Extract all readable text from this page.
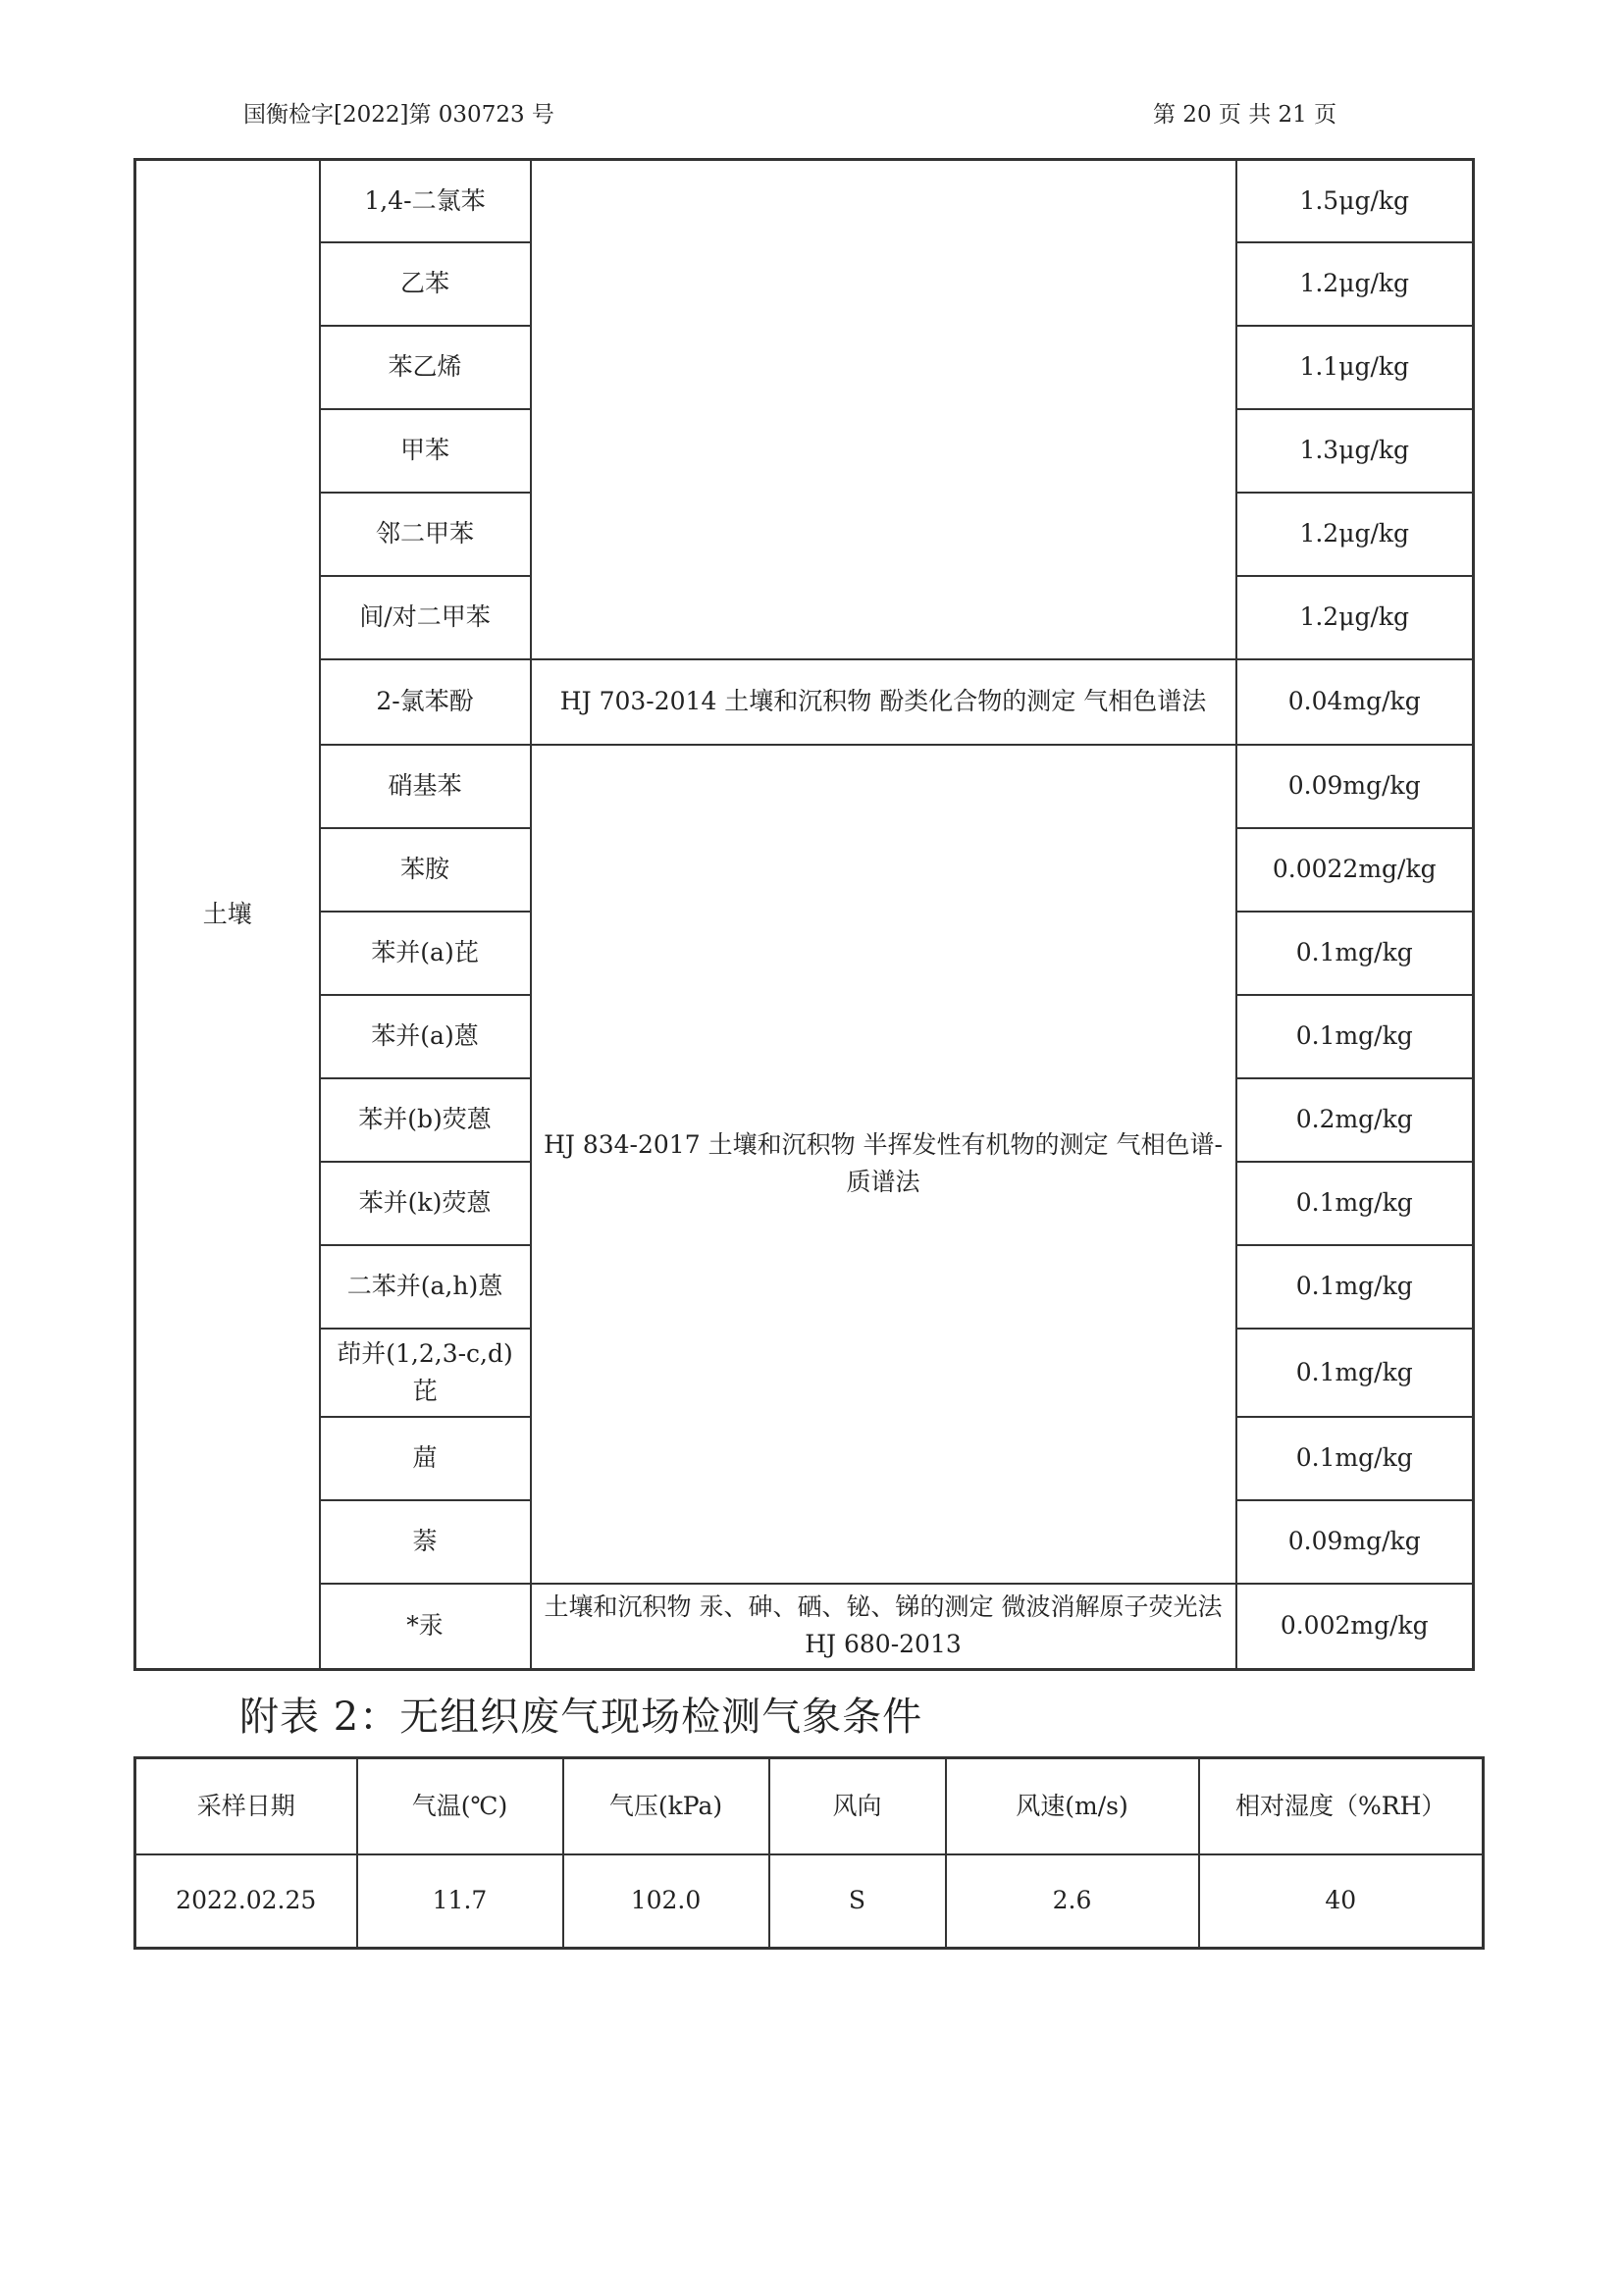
国衡检字[2022]第 030723 号	第 20 页 共 21 页
土壤	1,4-二氯苯		1.5μg/kg
	乙苯		1.2μg/kg
	苯乙烯		1.1μg/kg
	甲苯		1.3μg/kg
	邻二甲苯		1.2μg/kg
	间/对二甲苯		1.2μg/kg
	2-氯苯酚	HJ 703-2014 土壤和沉积物 酚类化合物的测定 气相色谱法	0.04mg/kg
	硝基苯	HJ 834-2017 土壤和沉积物 半挥发性有机物的测定 气相色谱-质谱法	0.09mg/kg
	苯胺		0.0022mg/kg
	苯并(a)芘		0.1mg/kg
	苯并(a)蒽		0.1mg/kg
	苯并(b)荧蒽		0.2mg/kg
	苯并(k)荧蒽		0.1mg/kg
	二苯并(a,h)蒽		0.1mg/kg
	茚并(1,2,3-c,d)芘		0.1mg/kg
	䓛		0.1mg/kg
	萘		0.09mg/kg
	*汞	土壤和沉积物 汞、砷、硒、铋、锑的测定 微波消解原子荧光法 HJ 680-2013	0.002mg/kg
附表 2：无组织废气现场检测气象条件
采样日期	气温(℃)	气压(kPa)	风向	风速(m/s)	相对湿度（%RH）
2022.02.25	11.7	102.0	S	2.6	40
